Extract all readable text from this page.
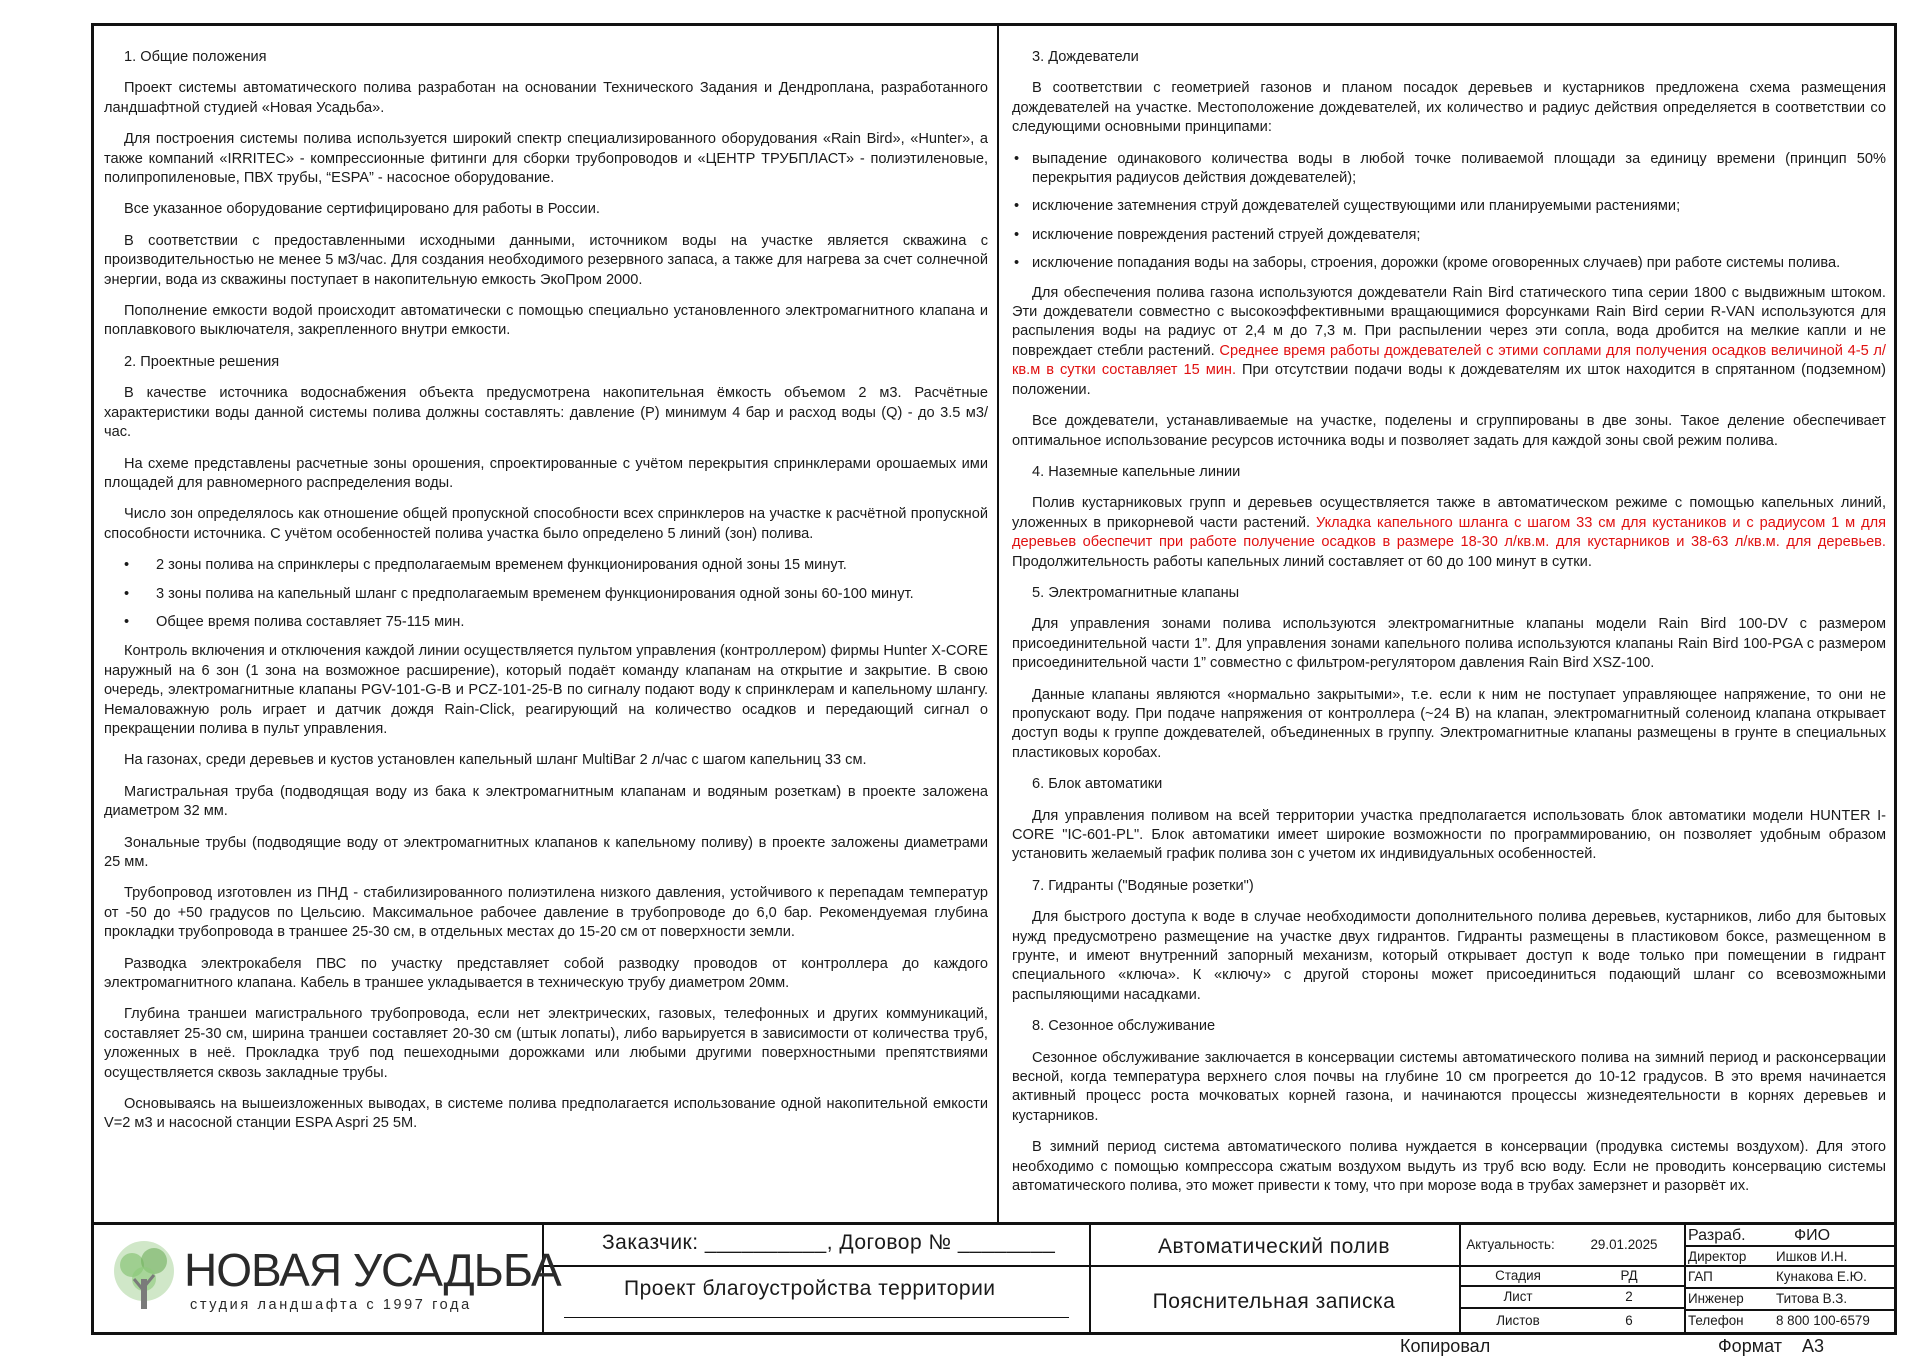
1. Общие положения
Проект системы автоматического полива разработан на основании Технического Задания и Дендроплана, разработанного ландшафтной студией «Новая Усадьба».
Для построения системы полива используется широкий спектр специализированного оборудования «Rain Bird», «Hunter», а также компаний «IRRITEC» - компрессионные фитинги для сборки трубопроводов и «ЦЕНТР ТРУБПЛАСТ» - полиэтиленовые, полипропиленовые, ПВХ трубы, “ESPA” - насосное оборудование.
Все указанное оборудование сертифицировано для работы в России.
В соответствии с предоставленными исходными данными, источником воды на участке является скважина с производительностью не менее 5 м3/час. Для создания необходимого резервного запаса, а также для нагрева за счет солнечной энергии, вода из скважины поступает в накопительную емкость ЭкоПром 2000.
Пополнение емкости водой происходит автоматически с помощью специально установленного электромагнитного клапана и поплавкового выключателя, закрепленного внутри емкости.
2. Проектные решения
В качестве источника водоснабжения объекта предусмотрена накопительная ёмкость объемом 2 м3. Расчётные характеристики воды данной системы полива должны составлять: давление (P) минимум 4 бар и расход воды (Q) - до 3.5 м3/час.
На схеме представлены расчетные зоны орошения, спроектированные с учётом перекрытия спринклерами орошаемых ими площадей для равномерного распределения воды.
Число зон определялось как отношение общей пропускной способности всех спринклеров на участке к расчётной пропускной способности источника. С учётом особенностей полива участка было определено 5 линий (зон) полива.
• 2 зоны полива на спринклеры с предполагаемым временем функционирования одной зоны 15 минут.
• 3 зоны полива на капельный шланг с предполагаемым временем функционирования одной зоны 60-100 минут.
• Общее время полива составляет 75-115 мин.
Контроль включения и отключения каждой линии осуществляется пультом управления (контроллером) фирмы Hunter X-CORE наружный на 6 зон (1 зона на возможное расширение), который подаёт команду клапанам на открытие и закрытие. В свою очередь, электромагнитные клапаны PGV-101-G-B и PCZ-101-25-B по сигналу подают воду к спринклерам и капельному шлангу. Немаловажную роль играет и датчик дождя Rain-Click, реагирующий на количество осадков и передающий сигнал о прекращении полива в пульт управления.
На газонах, среди деревьев и кустов установлен капельный шланг MultiBar 2 л/час с шагом капельниц 33 см.
Магистральная труба (подводящая воду из бака к электромагнитным клапанам и водяным розеткам) в проекте заложена диаметром 32 мм.
Зональные трубы (подводящие воду от электромагнитных клапанов к капельному поливу) в проекте заложены диаметрами 25 мм.
Трубопровод изготовлен из ПНД - стабилизированного полиэтилена низкого давления, устойчивого к перепадам температур от -50 до +50 градусов по Цельсию. Максимальное рабочее давление в трубопроводе до 6,0 бар. Рекомендуемая глубина прокладки трубопровода в траншее 25-30 см, в отдельных местах до 15-20 см от поверхности земли.
Разводка электрокабеля ПВС по участку представляет собой разводку проводов от контроллера до каждого электромагнитного клапана. Кабель в траншее укладывается в техническую трубу диаметром 20мм.
Глубина траншеи магистрального трубопровода, если нет электрических, газовых, телефонных и других коммуникаций, составляет 25-30 см, ширина траншеи составляет 20-30 см (штык лопаты), либо варьируется в зависимости от количества труб, уложенных в неё. Прокладка труб под пешеходными дорожками или любыми другими поверхностными препятствиями осуществляется сквозь закладные трубы.
Основываясь на вышеизложенных выводах, в системе полива предполагается использование одной накопительной емкости V=2 м3 и насосной станции ESPA Aspri 25 5M.
3. Дождеватели
В соответствии с геометрией газонов и планом посадок деревьев и кустарников предложена схема размещения дождевателей на участке. Местоположение дождевателей, их количество и радиус действия определяется в соответствии со следующими основными принципами:
• выпадение одинакового количества воды в любой точке поливаемой площади за единицу времени (принцип 50% перекрытия радиусов действия дождевателей);
• исключение затемнения струй дождевателей существующими или планируемыми растениями;
• исключение повреждения растений струей дождевателя;
• исключение попадания воды на заборы, строения, дорожки (кроме оговоренных случаев) при работе системы полива.
Для обеспечения полива газона используются дождеватели Rain Bird статического типа серии 1800 с выдвижным штоком. Эти дождеватели совместно с высокоэффективными вращающимися форсунками Rain Bird серии R-VAN используются для распыления воды на радиус от 2,4 м до 7,3 м. При распылении через эти сопла, вода дробится на мелкие капли и не повреждает стебли растений. Среднее время работы дождевателей с этими соплами для получения осадков величиной 4-5 л/кв.м в сутки составляет 15 мин. При отсутствии подачи воды к дождевателям их шток находится в спрятанном (подземном) положении.
Все дождеватели, устанавливаемые на участке, поделены и сгруппированы в две зоны. Такое деление обеспечивает оптимальное использование ресурсов источника воды и позволяет задать для каждой зоны свой режим полива.
4. Наземные капельные линии
Полив кустарниковых групп и деревьев осуществляется также в автоматическом режиме с помощью капельных линий, уложенных в прикорневой части растений. Укладка капельного шланга с шагом 33 см для кустаников и с радиусом 1 м для деревьев обеспечит при работе получение осадков в размере 18-30 л/кв.м. для кустарников и 38-63 л/кв.м. для деревьев. Продолжительность работы капельных линий составляет от 60 до 100 минут в сутки.
5. Электромагнитные клапаны
Для управления зонами полива используются электромагнитные клапаны модели Rain Bird 100-DV с размером присоединительной части 1”. Для управления зонами капельного полива используются клапаны Rain Bird 100-PGA с размером присоединительной части 1” совместно с фильтром-регулятором давления Rain Bird XSZ-100.
Данные клапаны являются «нормально закрытыми», т.е. если к ним не поступает управляющее напряжение, то они не пропускают воду. При подаче напряжения от контроллера (~24 В) на клапан, электромагнитный соленоид клапана открывает доступ воды к группе дождевателей, объединенных в группу. Электромагнитные клапаны размещены в грунте в специальных пластиковых коробах.
6. Блок автоматики
Для управления поливом на всей территории участка предполагается использовать блок автоматики модели HUNTER I-CORE "IC-601-PL". Блок автоматики имеет широкие возможности по программированию, он позволяет удобным образом установить желаемый график полива зон с учетом их индивидуальных особенностей.
7. Гидранты ("Водяные розетки")
Для быстрого доступа к воде в случае необходимости дополнительного полива деревьев, кустарников, либо для бытовых нужд предусмотрено размещение на участке двух гидрантов. Гидранты размещены в пластиковом боксе, размещенном в грунте, и имеют внутренний запорный механизм, который открывает доступ к воде только при помещении в гидрант специального «ключа». К «ключу» с другой стороны может присоединиться подающий шланг со всевозможными распыляющими насадками.
8. Сезонное обслуживание
Сезонное обслуживание заключается в консервации системы автоматического полива на зимний период и расконсервации весной, когда температура верхнего слоя почвы на глубине 10 см прогреется до 10-12 градусов. В это время начинается активный процесс роста мочковатых корней газона, и начинаются процессы жизнедеятельности в корнях деревьев и кустарников.
В зимний период система автоматического полива нуждается в консервации (продувка системы воздухом). Для этого необходимо с помощью компрессора сжатым воздухом выдуть из труб всю воду. Если не проводить консервацию системы автоматического полива, это может привести к тому, что при морозе вода в трубах замерзнет и разорвёт их.
НОВАЯ УСАДЬБА
студия ландшафта с 1997 года
Заказчик: __________, Договор № ________
Проект благоустройства территории
Автоматический полив
Пояснительная записка
Актуальность:	29.01.2025
Стадия	РД
Лист	2
Листов	6
Разраб.	ФИО
Директор Ишков И.Н.
ГАП	Кунакова Е.Ю.
Инженер Титова В.З.
Телефон 8 800 100-6579
Копировал	Формат А3
